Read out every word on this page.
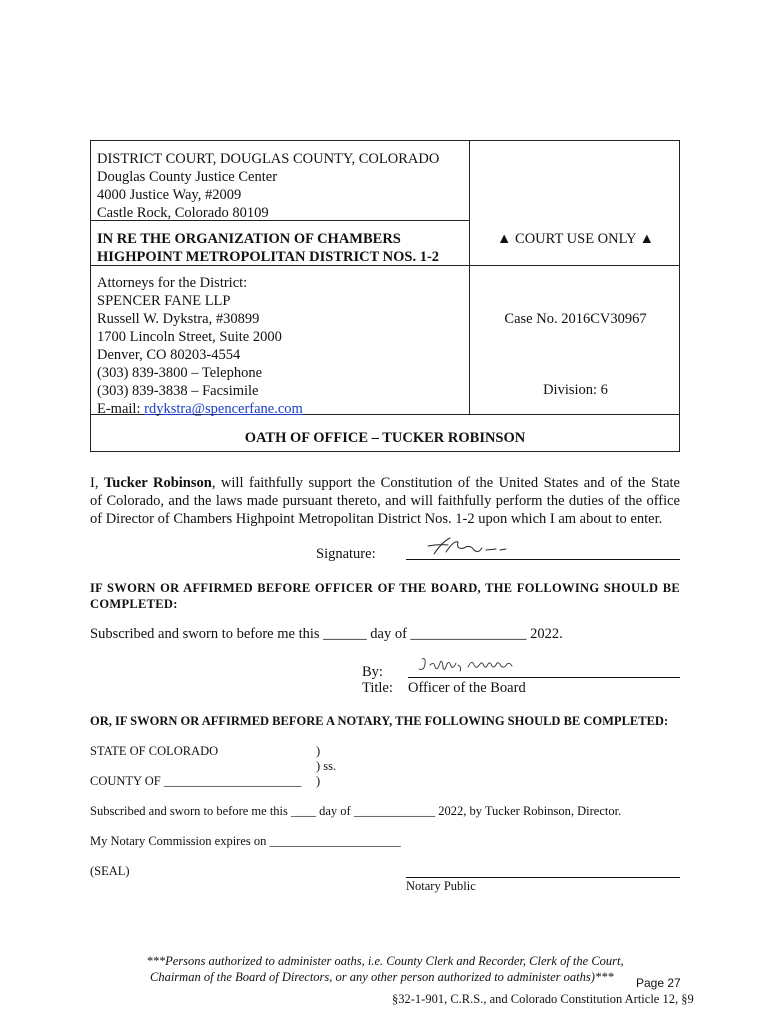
DISTRICT COURT, DOUGLAS COUNTY, COLORADO
Douglas County Justice Center
4000 Justice Way, #2009
Castle Rock, Colorado 80109
IN RE THE ORGANIZATION OF CHAMBERS
HIGHPOINT METROPOLITAN DISTRICT NOS. 1-2
▲ COURT USE ONLY ▲
Attorneys for the District:
SPENCER FANE LLP
Russell W. Dykstra, #30899
1700 Lincoln Street, Suite 2000
Denver, CO 80203-4554
(303) 839-3800 – Telephone
(303) 839-3838 – Facsimile
E-mail: rdykstra@spencerfane.com
Case No. 2016CV30967
Division: 6
OATH OF OFFICE – TUCKER ROBINSON
I, Tucker Robinson, will faithfully support the Constitution of the United States and of the State
of Colorado, and the laws made pursuant thereto, and will faithfully perform the duties of the office
of Director of Chambers Highpoint Metropolitan District Nos. 1-2 upon which I am about to enter.
Signature:
IF SWORN OR AFFIRMED BEFORE OFFICER OF THE BOARD, THE FOLLOWING SHOULD BE
COMPLETED:
Subscribed and sworn to before me this ______ day of ________________ 2022.
By:
Title: Officer of the Board
OR, IF SWORN OR AFFIRMED BEFORE A NOTARY, THE FOLLOWING SHOULD BE COMPLETED:
STATE OF COLORADO	)
) ss.
COUNTY OF ______________________ )
Subscribed and sworn to before me this ____ day of _____________ 2022, by Tucker Robinson, Director.
My Notary Commission expires on _____________________
(SEAL)
Notary Public
***Persons authorized to administer oaths, i.e. County Clerk and Recorder, Clerk of the Court,
Chairman of the Board of Directors, or any other person authorized to administer oaths)*** Page 27
§32-1-901, C.R.S., and Colorado Constitution Article 12, §9
